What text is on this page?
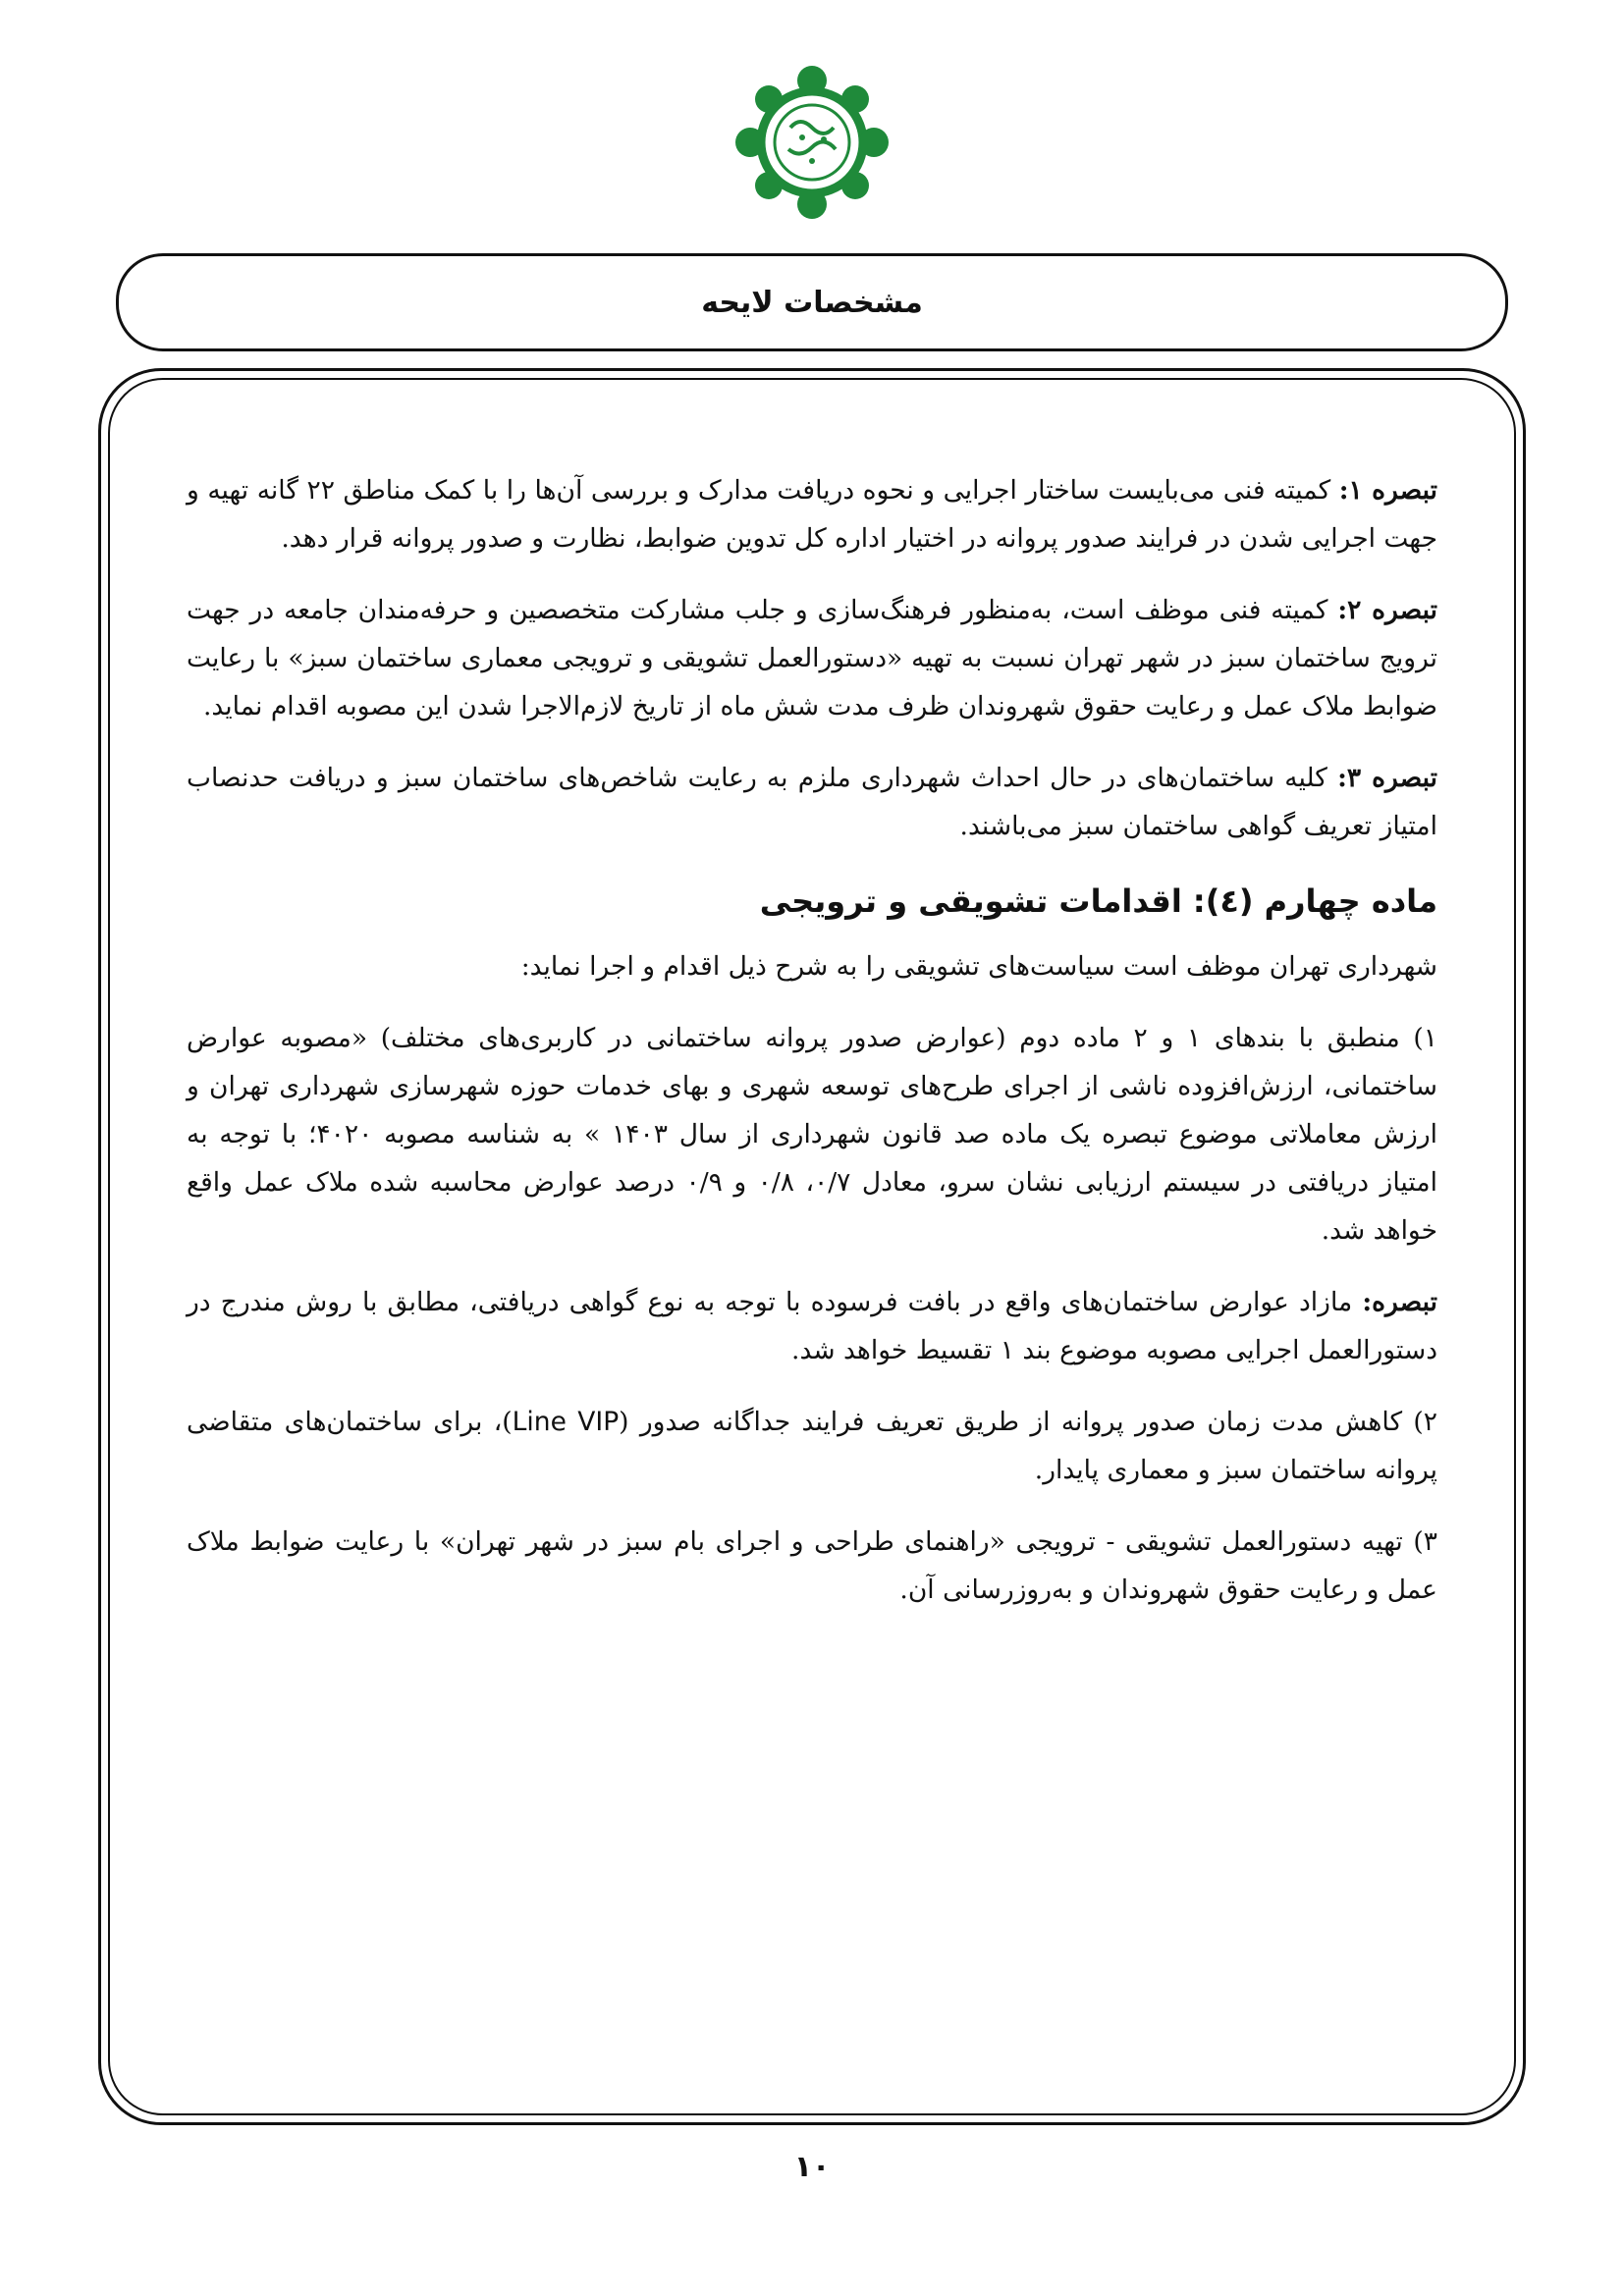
مشخصات لایحه

تبصره ۱: کمیته فنی می‌بایست ساختار اجرایی و نحوه دریافت مدارک و بررسی آن‌ها را با کمک مناطق ۲۲ گانه تهیه و جهت اجرایی شدن در فرایند صدور پروانه در اختیار اداره کل تدوین ضوابط، نظارت و صدور پروانه قرار دهد.

تبصره ۲: کمیته فنی موظف است، به‌منظور فرهنگ‌سازی و جلب مشارکت متخصصین و حرفه‌مندان جامعه در جهت ترویج ساختمان سبز در شهر تهران نسبت به تهیه «دستورالعمل تشویقی و ترویجی معماری ساختمان سبز» با رعایت ضوابط ملاک عمل و رعایت حقوق شهروندان ظرف مدت شش ماه از تاریخ لازم‌الاجرا شدن این مصوبه اقدام نماید.

تبصره ۳: کلیه ساختمان‌های در حال احداث شهرداری ملزم به رعایت شاخص‌های ساختمان سبز و دریافت حدنصاب امتیاز تعریف گواهی ساختمان سبز می‌باشند.

ماده چهارم (٤): اقدامات تشویقی و ترویجی

شهرداری تهران موظف است سیاست‌های تشویقی را به شرح ذیل اقدام و اجرا نماید:

۱) منطبق با بندهای ۱ و ۲ ماده دوم (عوارض صدور پروانه ساختمانی در کاربری‌های مختلف) «مصوبه عوارض ساختمانی، ارزش‌افزوده ناشی از اجرای طرح‌های توسعه شهری و بهای خدمات حوزه شهرسازی شهرداری تهران و ارزش معاملاتی موضوع تبصره یک ماده صد قانون شهرداری از سال ۱۴۰۳ » به شناسه مصوبه ۴۰۲۰؛ با توجه به امتیاز دریافتی در سیستم ارزیابی نشان سرو، معادل ۰/۷، ۰/۸ و ۰/۹ درصد عوارض محاسبه شده ملاک عمل واقع خواهد شد.

تبصره: مازاد عوارض ساختمان‌های واقع در بافت فرسوده با توجه به نوع گواهی دریافتی، مطابق با روش مندرج در دستورالعمل اجرایی مصوبه موضوع بند ۱ تقسیط خواهد شد.

۲) کاهش مدت زمان صدور پروانه از طریق تعریف فرایند جداگانه صدور (Line VIP)، برای ساختمان‌های متقاضی پروانه ساختمان سبز و معماری پایدار.

۳) تهیه دستورالعمل تشویقی - ترویجی «راهنمای طراحی و اجرای بام سبز در شهر تهران» با رعایت ضوابط ملاک عمل و رعایت حقوق شهروندان و به‌روزرسانی آن.

۱۰
